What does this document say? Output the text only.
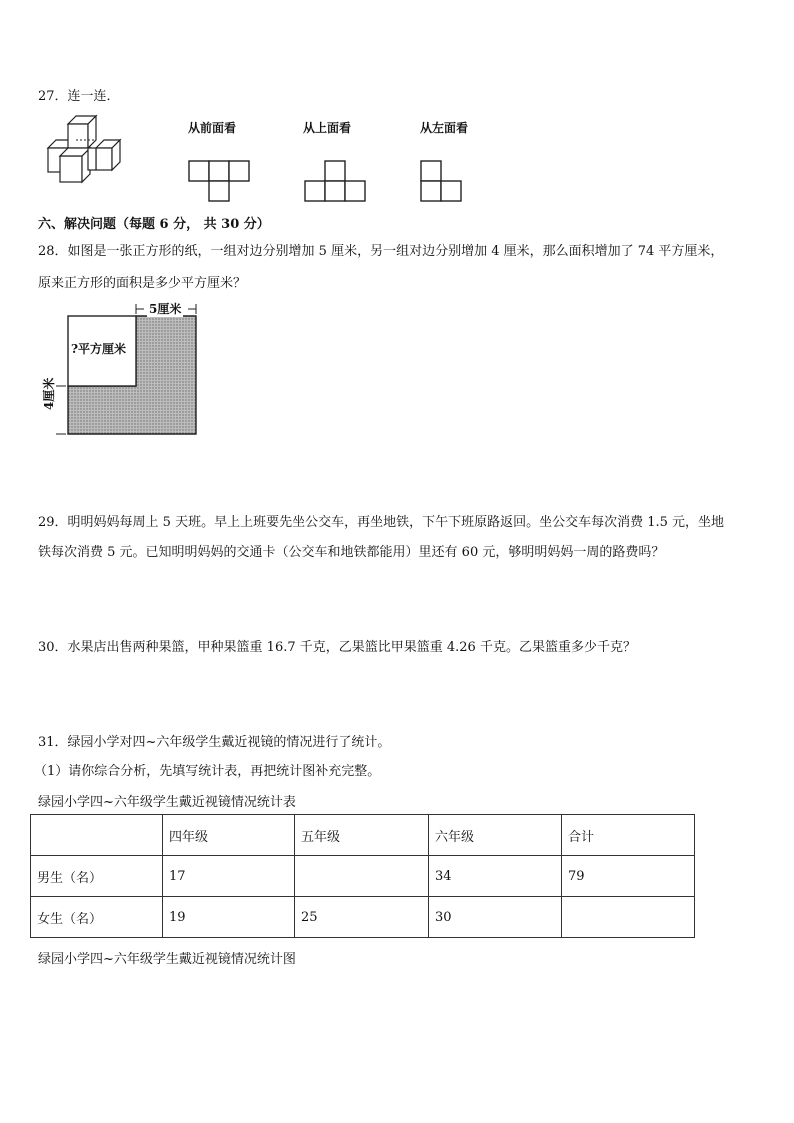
27．连一连．
从前面看	从上面看	从左面看
六、解决问题（每题 6 分， 共 30 分）
28．如图是一张正方形的纸，一组对边分别增加 5 厘米，另一组对边分别增加 4 厘米，那么面积增加了 74 平方厘米，
原来正方形的面积是多少平方厘米？
5厘米
4厘米
?平方厘米
29．明明妈妈每周上 5 天班。早上上班要先坐公交车，再坐地铁，下午下班原路返回。坐公交车每次消费 1.5 元，坐地
铁每次消费 5 元。已知明明妈妈的交通卡（公交车和地铁都能用）里还有 60 元，够明明妈妈一周的路费吗？
30．水果店出售两种果篮，甲种果篮重 16.7 千克，乙果篮比甲果篮重 4.26 千克。乙果篮重多少千克？
31．绿园小学对四~六年级学生戴近视镜的情况进行了统计。
（1）请你综合分析，先填写统计表，再把统计图补充完整。
绿园小学四~六年级学生戴近视镜情况统计表
	四年级	五年级	六年级	合计
男生（名）	17		34	79
女生（名）	19	25	30	
绿园小学四~六年级学生戴近视镜情况统计图
